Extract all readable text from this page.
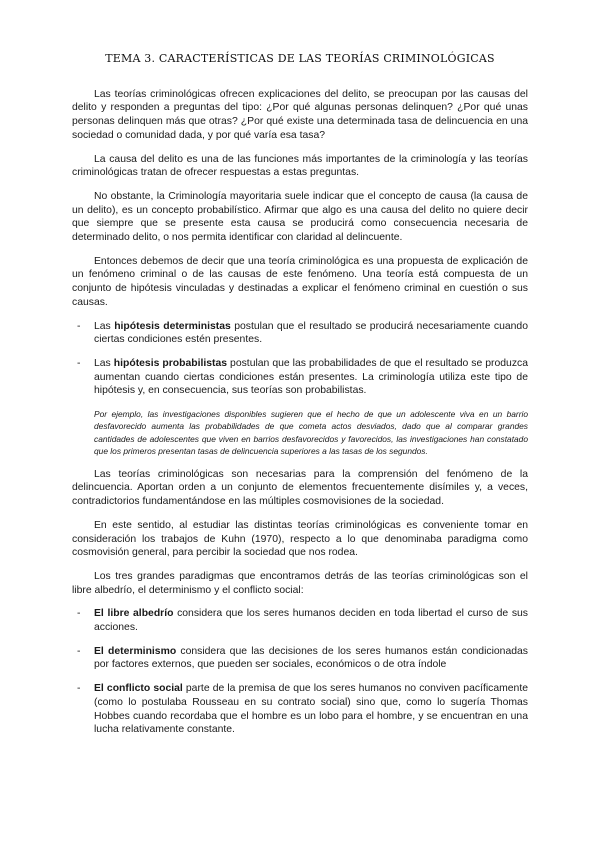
TEMA 3. CARACTERÍSTICAS DE LAS TEORÍAS CRIMINOLÓGICAS

Las teorías criminológicas ofrecen explicaciones del delito, se preocupan por las causas del delito y responden a preguntas del tipo: ¿Por qué algunas personas delinquen? ¿Por qué unas personas delinquen más que otras? ¿Por qué existe una determinada tasa de delincuencia en una sociedad o comunidad dada, y por qué varía esa tasa?

La causa del delito es una de las funciones más importantes de la criminología y las teorías criminológicas tratan de ofrecer respuestas a estas preguntas.

No obstante, la Criminología mayoritaria suele indicar que el concepto de causa (la causa de un delito), es un concepto probabilístico. Afirmar que algo es una causa del delito no quiere decir que siempre que se presente esta causa se producirá como consecuencia necesaria de determinado delito, o nos permita identificar con claridad al delincuente.

Entonces debemos de decir que una teoría criminológica es una propuesta de explicación de un fenómeno criminal o de las causas de este fenómeno. Una teoría está compuesta de un conjunto de hipótesis vinculadas y destinadas a explicar el fenómeno criminal en cuestión o sus causas.

- Las hipótesis deterministas postulan que el resultado se producirá necesariamente cuando ciertas condiciones estén presentes.
- Las hipótesis probabilistas postulan que las probabilidades de que el resultado se produzca aumentan cuando ciertas condiciones están presentes. La criminología utiliza este tipo de hipótesis y, en consecuencia, sus teorías son probabilistas.
Por ejemplo, las investigaciones disponibles sugieren que el hecho de que un adolescente viva en un barrio desfavorecido aumenta las probabilidades de que cometa actos desviados, dado que al comparar grandes cantidades de adolescentes que viven en barrios desfavorecidos y favorecidos, las investigaciones han constatado que los primeros presentan tasas de delincuencia superiores a las tasas de los segundos.

Las teorías criminológicas son necesarias para la comprensión del fenómeno de la delincuencia. Aportan orden a un conjunto de elementos frecuentemente disímiles y, a veces, contradictorios fundamentándose en las múltiples cosmovisiones de la sociedad.

En este sentido, al estudiar las distintas teorías criminológicas es conveniente tomar en consideración los trabajos de Kuhn (1970), respecto a lo que denominaba paradigma como cosmovisión general, para percibir la sociedad que nos rodea.

Los tres grandes paradigmas que encontramos detrás de las teorías criminológicas son el libre albedrío, el determinismo y el conflicto social:

- El libre albedrío considera que los seres humanos deciden en toda libertad el curso de sus acciones.
- El determinismo considera que las decisiones de los seres humanos están condicionadas por factores externos, que pueden ser sociales, económicos o de otra índole
- El conflicto social parte de la premisa de que los seres humanos no conviven pacíficamente (como lo postulaba Rousseau en su contrato social) sino que, como lo sugería Thomas Hobbes cuando recordaba que el hombre es un lobo para el hombre, y se encuentran en una lucha relativamente constante.
